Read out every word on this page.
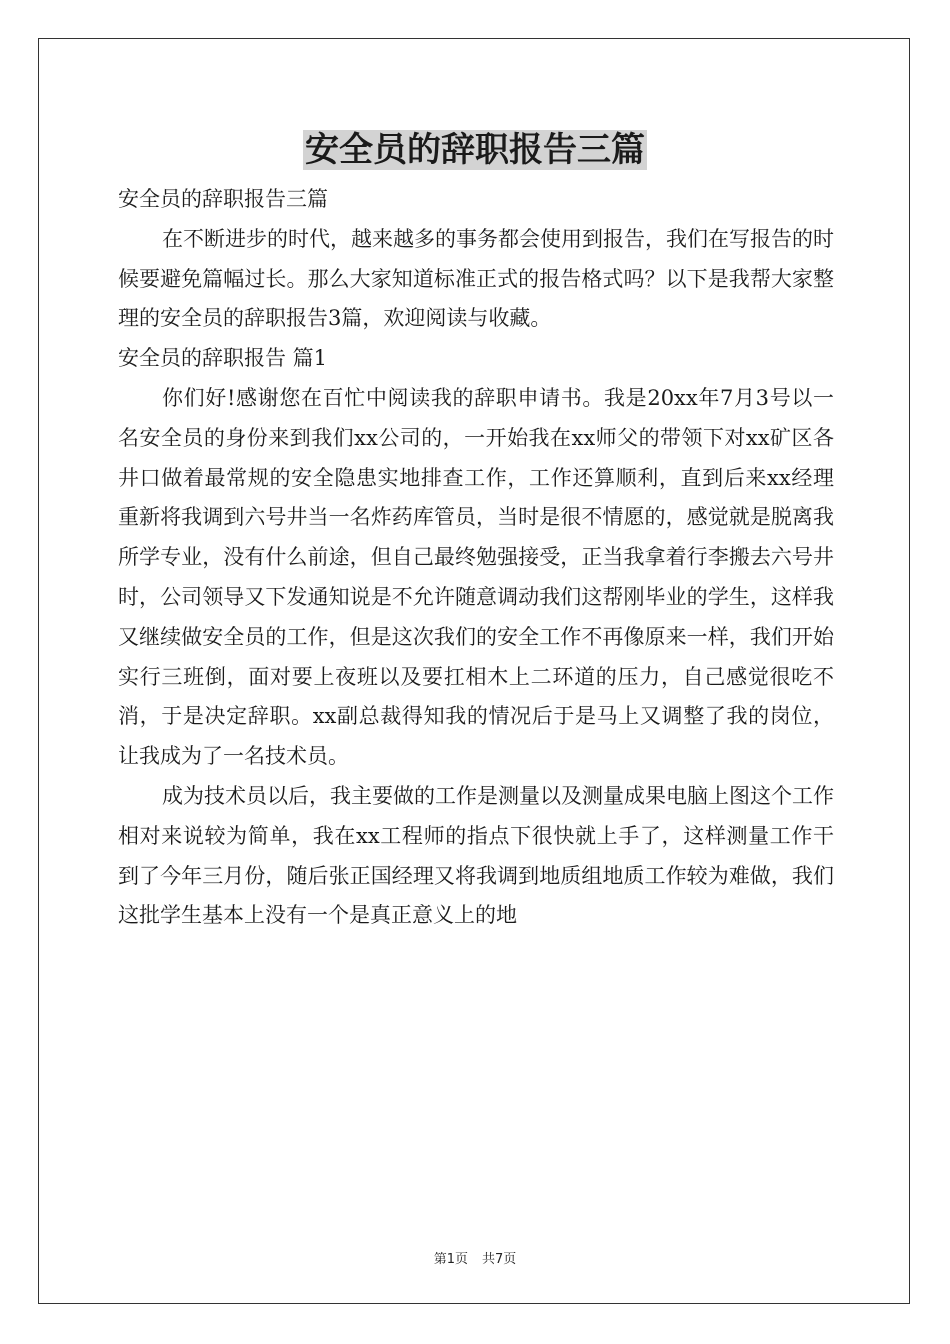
安全员的辞职报告三篇

安全员的辞职报告三篇

在不断进步的时代，越来越多的事务都会使用到报告，我们在写报告的时候要避免篇幅过长。那么大家知道标准正式的报告格式吗？以下是我帮大家整理的安全员的辞职报告3篇，欢迎阅读与收藏。

安全员的辞职报告 篇1

你们好!感谢您在百忙中阅读我的辞职申请书。我是20xx年7月3号以一名安全员的身份来到我们xx公司的，一开始我在xx师父的带领下对xx矿区各井口做着最常规的安全隐患实地排查工作，工作还算顺利，直到后来xx经理重新将我调到六号井当一名炸药库管员，当时是很不情愿的，感觉就是脱离我所学专业，没有什么前途，但自己最终勉强接受，正当我拿着行李搬去六号井时，公司领导又下发通知说是不允许随意调动我们这帮刚毕业的学生，这样我又继续做安全员的工作，但是这次我们的安全工作不再像原来一样，我们开始实行三班倒，面对要上夜班以及要扛相木上二环道的压力，自己感觉很吃不消，于是决定辞职。xx副总裁得知我的情况后于是马上又调整了我的岗位，让我成为了一名技术员。

成为技术员以后，我主要做的工作是测量以及测量成果电脑上图这个工作相对来说较为简单，我在xx工程师的指点下很快就上手了，这样测量工作干到了今年三月份，随后张正国经理又将我调到地质组地质工作较为难做，我们这批学生基本上没有一个是真正意义上的地

第1页 共7页
